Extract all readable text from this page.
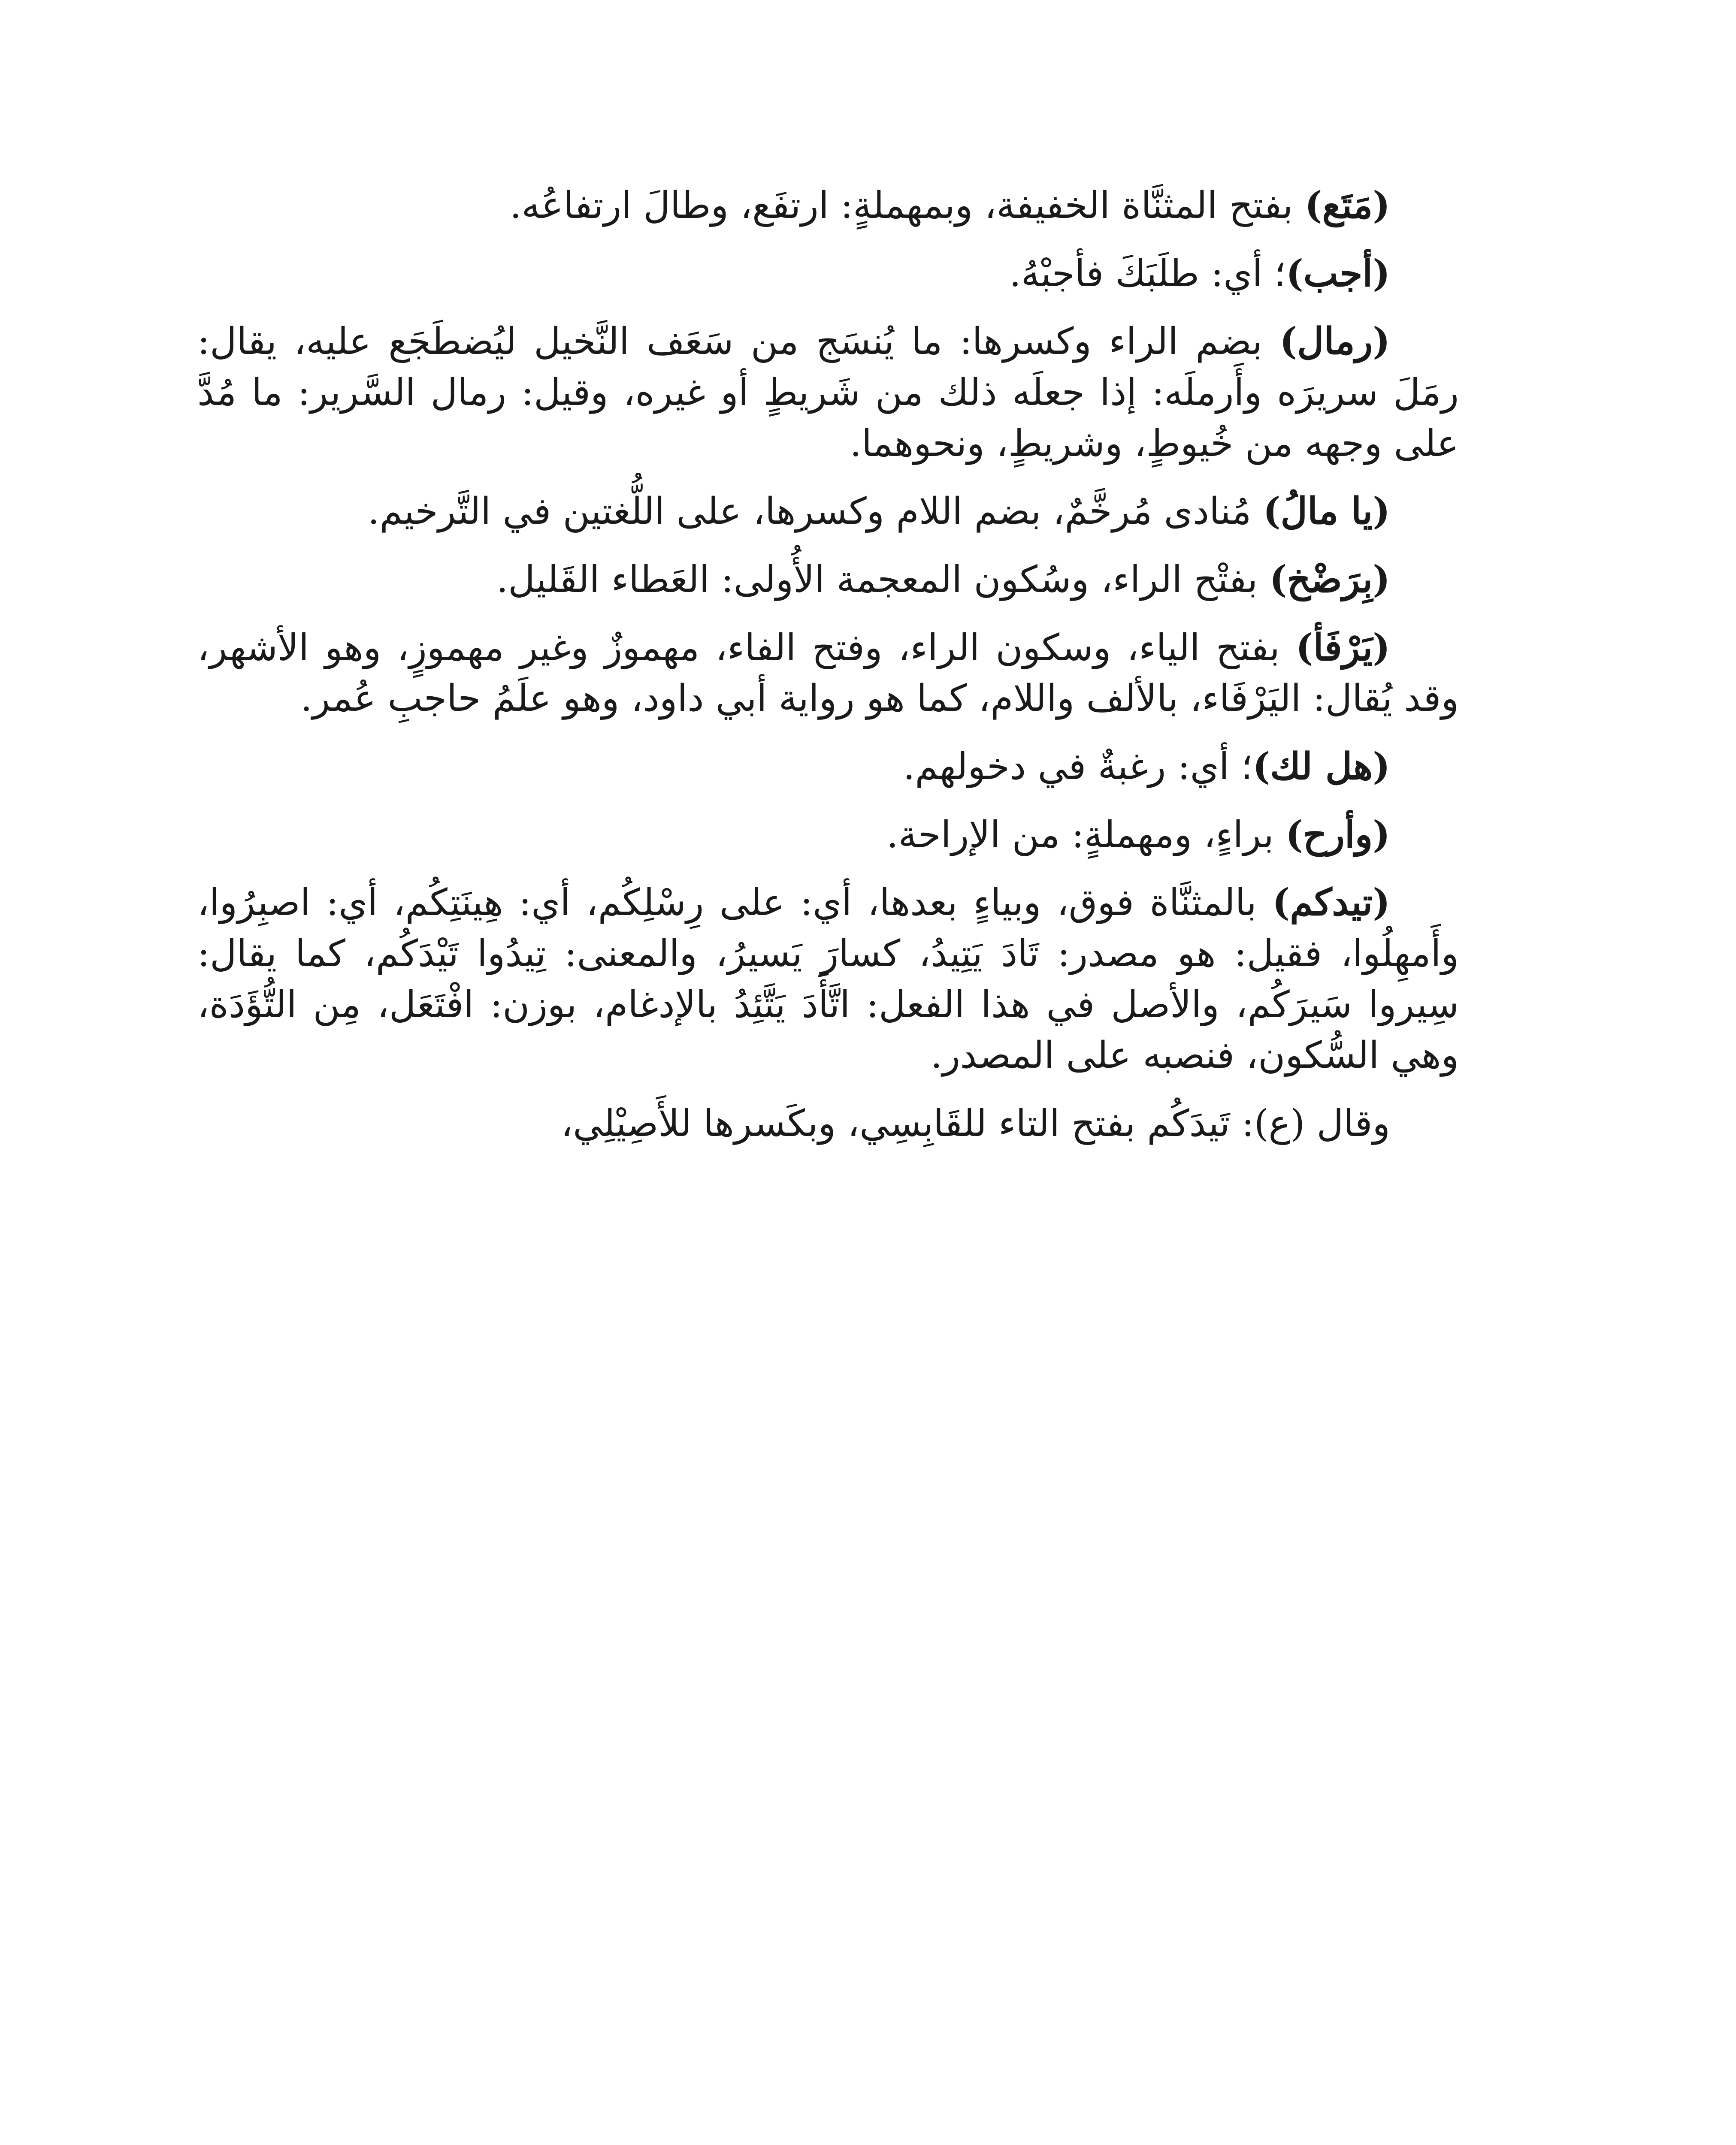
(مَتَع) بفتح المثنَّاة الخفيفة، وبمهملةٍ: ارتفَع، وطالَ ارتفاعُه.

(أجب)؛ أي: طلَبَكَ فأجبْهُ.

(رمال) بضم الراء وكسرها: ما يُنسَج من سَعَف النَّخيل ليُضطَجَع عليه، يقال: رمَلَ سريرَه وأَرملَه: إذا جعلَه ذلك من شَريطٍ أو غيره، وقيل: رمال السَّرير: ما مُدَّ على وجهه من خُيوطٍ، وشريطٍ، ونحوهما.

(يا مالُ) مُنادى مُرخَّمٌ، بضم اللام وكسرها، على اللُّغتين في التَّرخيم.

(بِرَضْخ) بفتْح الراء، وسُكون المعجمة الأُولى: العَطاء القَليل.

(يَرْفَأ) بفتح الياء، وسكون الراء، وفتح الفاء، مهموزٌ وغير مهموزٍ، وهو الأشهر، وقد يُقال: اليَرْفَاء، بالألف واللام، كما هو رواية أبي داود، وهو علَمُ حاجبِ عُمر.

(هل لك)؛ أي: رغبةٌ في دخولهم.

(وأرح) براءٍ، ومهملةٍ: من الإراحة.

(تيدكم) بالمثنَّاة فوق، وبياءٍ بعدها، أي: على رِسْلِكُم، أي: هِينَتِكُم، أي: اصبِرُوا، وأَمهِلُوا، فقيل: هو مصدر: تَادَ يَتِيدُ، كسارَ يَسيرُ، والمعنى: تِيدُوا تَيْدَكُم، كما يقال: سِيروا سَيرَكُم، والأصل في هذا الفعل: اتَّأَدَ يَتَّئِدُ بالإدغام، بوزن: افْتَعَل، مِن التُّؤَدَة، وهي السُّكون، فنصبه على المصدر.

وقال (ع): تَيدَكُم بفتح التاء للقَابِسِي، وبكَسرها للأَصِيْلِي،
